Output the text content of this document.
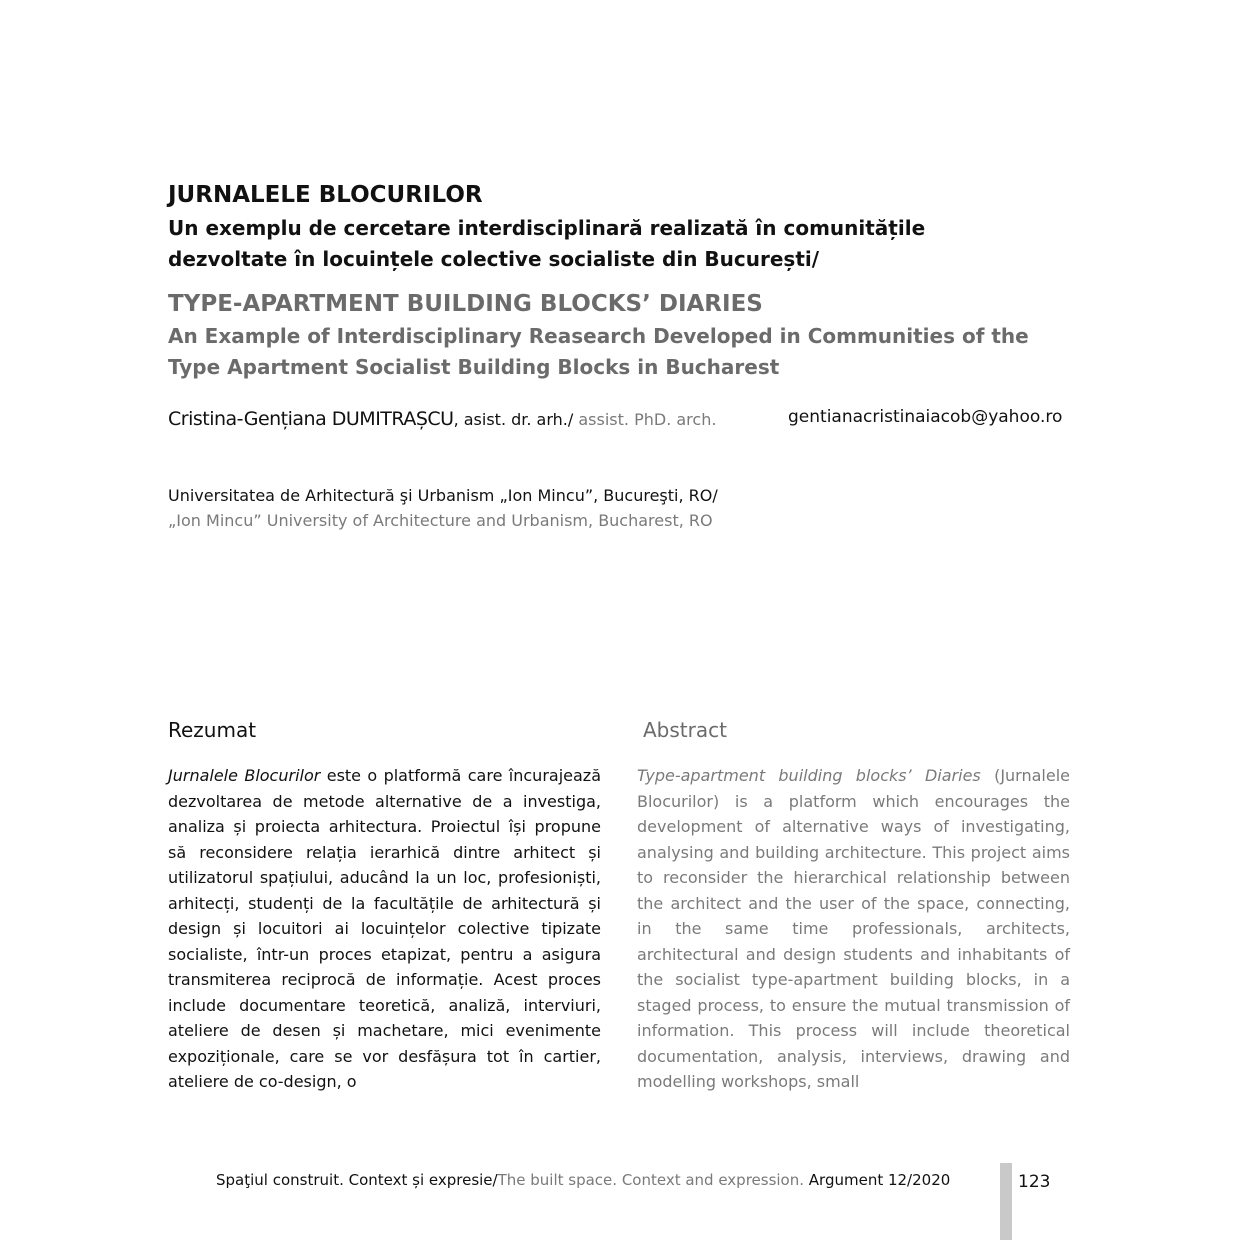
JURNALELE BLOCURILOR
Un exemplu de cercetare interdisciplinară realizată în comunitățile dezvoltate în locuințele colective socialiste din București/
TYPE-APARTMENT BUILDING BLOCKS’ DIARIES
An Example of Interdisciplinary Reasearch Developed in Communities of the Type Apartment Socialist Building Blocks in Bucharest
Cristina-Gențiana DUMITRAȘCU, asist. dr. arh./ assist. PhD. arch.	gentianacristinaiacob@yahoo.ro
Universitatea de Arhitectură şi Urbanism „Ion Mincu”, Bucureşti, RO/
„Ion Mincu” University of Architecture and Urbanism, Bucharest, RO
Rezumat	Abstract
Jurnalele Blocurilor este o platformă care încurajează dezvoltarea de metode alternative de a investiga, analiza și proiecta arhitectura. Proiectul își propune să reconsidere relația ierarhică dintre arhitect și utilizatorul spațiului, aducând la un loc, profesioniști, arhitecți, studenți de la facultățile de arhitectură și design și locuitori ai locuințelor colective tipizate socialiste, într-un proces etapizat, pentru a asigura transmiterea reciprocă de informație. Acest proces include documentare teoretică, analiză, interviuri, ateliere de desen și machetare, mici evenimente expoziționale, care se vor desfășura tot în cartier, ateliere de co-design, o
Type-apartment building blocks’ Diaries (Jurnalele Blocurilor) is a platform which encourages the development of alternative ways of investigating, analysing and building architecture. This project aims to reconsider the hierarchical relationship between the architect and the user of the space, connecting, in the same time professionals, architects, architectural and design students and inhabitants of the socialist type-apartment building blocks, in a staged process, to ensure the mutual transmission of information. This process will include theoretical documentation, analysis, interviews, drawing and modelling workshops, small
Spaţiul construit. Context și expresie/The built space. Context and expression. Argument 12/2020	123
